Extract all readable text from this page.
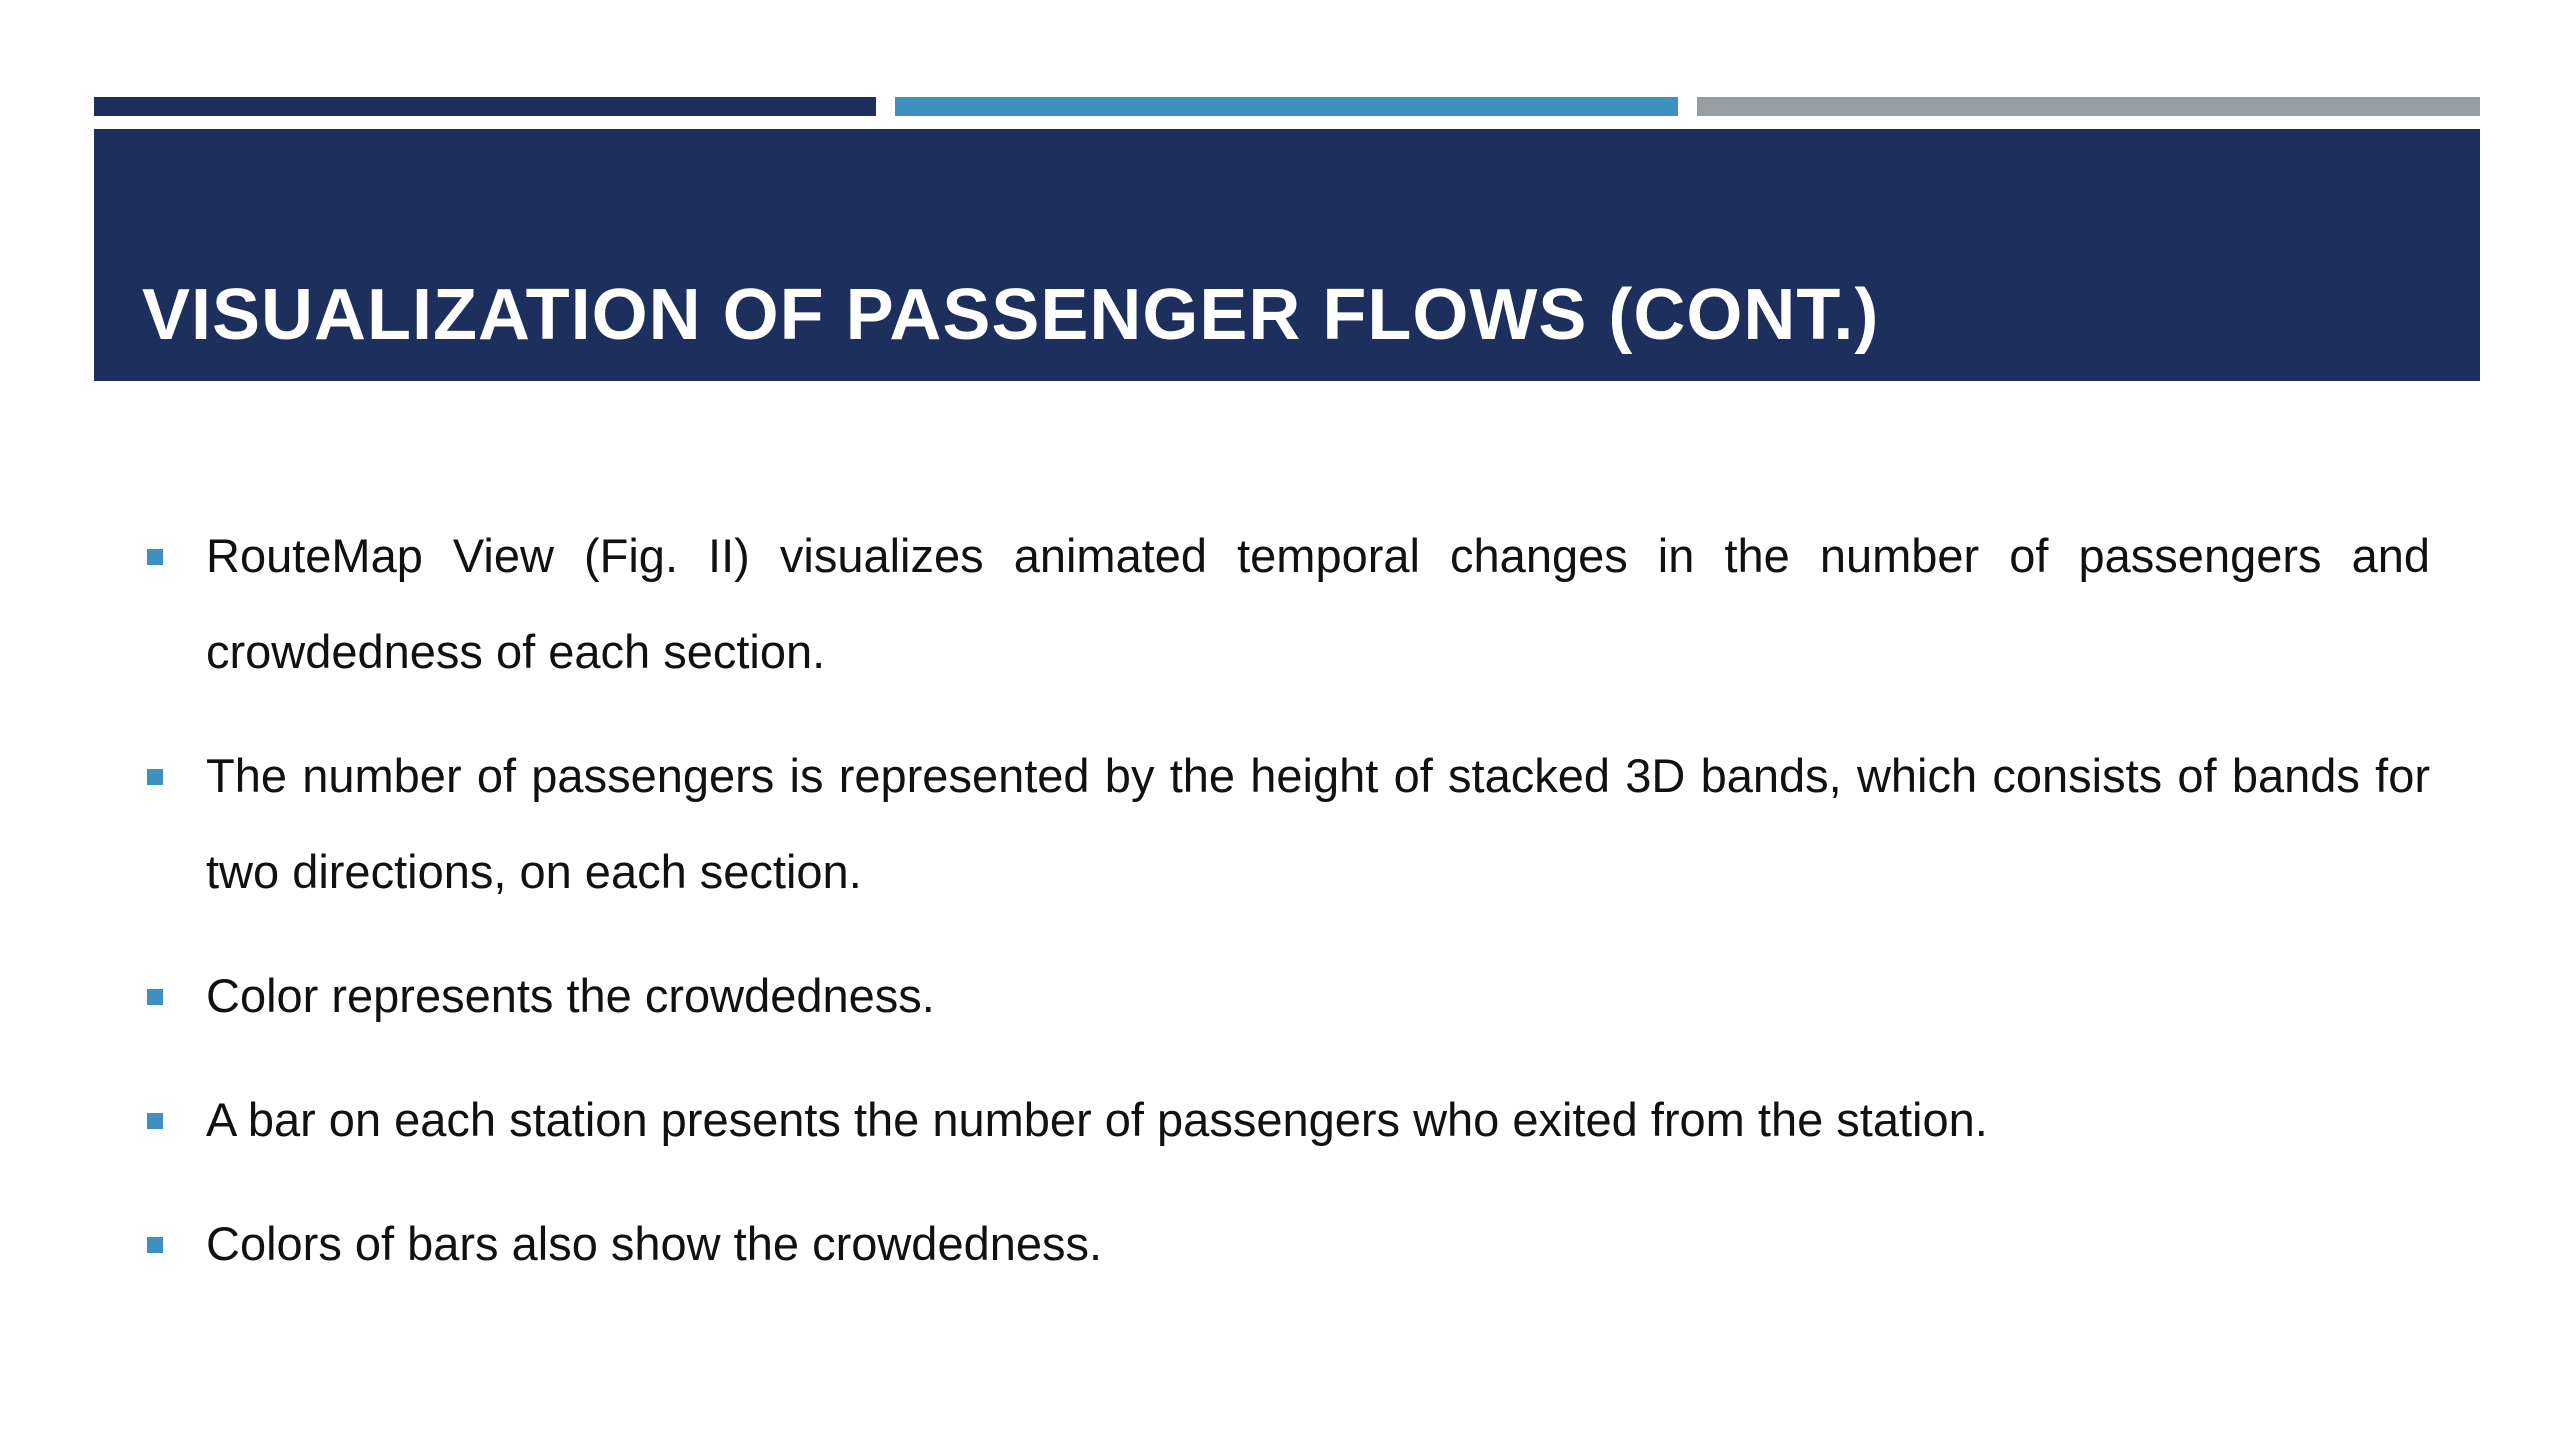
VISUALIZATION OF PASSENGER FLOWS (CONT.)
RouteMap View (Fig. II) visualizes animated temporal changes in the number of passengers and crowdedness of each section.
The number of passengers is represented by the height of stacked 3D bands, which consists of bands for two directions, on each section.
Color represents the crowdedness.
A bar on each station presents the number of passengers who exited from the station.
Colors of bars also show the crowdedness.
